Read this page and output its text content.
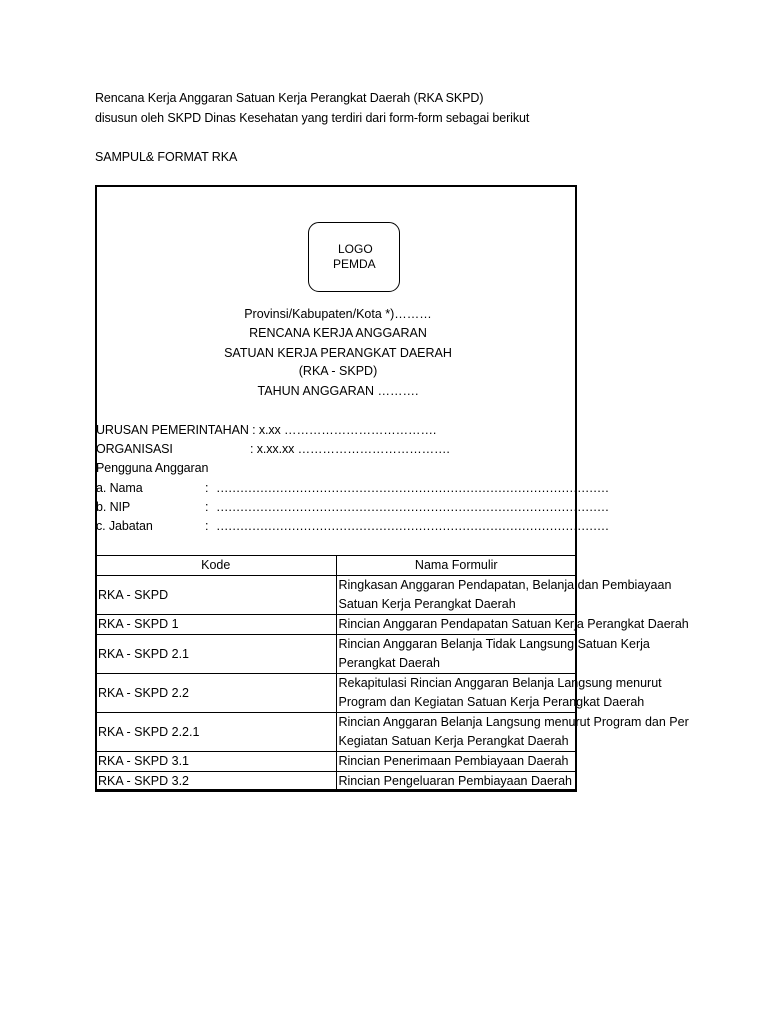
Rencana Kerja Anggaran Satuan Kerja Perangkat Daerah (RKA SKPD)
disusun oleh SKPD Dinas Kesehatan yang terdiri dari form-form sebagai berikut
SAMPUL& FORMAT RKA
LOGO
PEMDA
Provinsi/Kabupaten/Kota *)………
RENCANA KERJA ANGGARAN
SATUAN KERJA PERANGKAT DAERAH
(RKA - SKPD)
TAHUN ANGGARAN ……….
URUSAN PEMERINTAHAN : x.xx ……………………………….
ORGANISASI	: x.xx.xx ……………………………….
Pengguna Anggaran
a. Nama	: ………………………………………………………………………………………
b. NIP	: ………………………………………………………………………………………
c. Jabatan	: ………………………………………………………………………………………
Kode	Nama Formulir
RKA - SKPD	Ringkasan Anggaran Pendapatan, Belanja dan Pembiayaan
Satuan Kerja Perangkat Daerah
RKA - SKPD 1	Rincian Anggaran Pendapatan Satuan Kerja Perangkat Daerah
RKA - SKPD 2.1	Rincian Anggaran Belanja Tidak Langsung Satuan Kerja
Perangkat Daerah
RKA - SKPD 2.2	Rekapitulasi Rincian Anggaran Belanja Langsung menurut
Program dan Kegiatan Satuan Kerja Perangkat Daerah
RKA - SKPD 2.2.1	Rincian Anggaran Belanja Langsung menurut Program dan Per
Kegiatan Satuan Kerja Perangkat Daerah
RKA - SKPD 3.1	Rincian Penerimaan Pembiayaan Daerah
RKA - SKPD 3.2	Rincian Pengeluaran Pembiayaan Daerah
